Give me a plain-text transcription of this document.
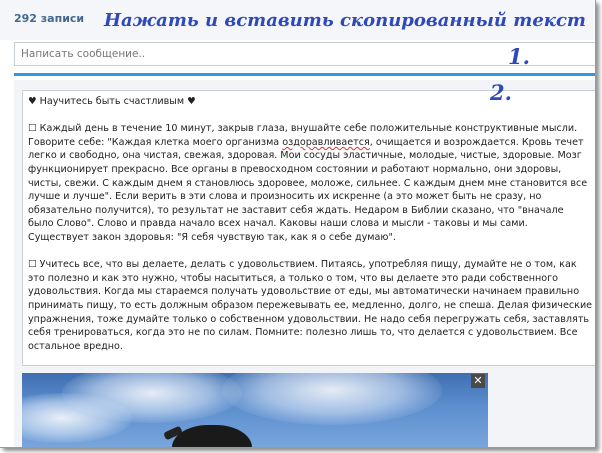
292 записи Нажать и вставить скопированный текст
Написать сообщение..	1.

♥ Научитесь быть счастливым ♥

☐ Каждый день в течение 10 минут, закрыв глаза, внушайте себе положительные конструктивные мысли.

Говорите себе: "Каждая клетка моего организма оздоравливается, очищается и возрождается. Кровь течет

легко и свободно, она чистая, свежая, здоровая. Мои сосуды эластичные, молодые, чистые, здоровые. Мозг

функционирует прекрасно. Все органы в превосходном состоянии и работают нормально, они здоровы,

чисты, свежи. С каждым днем я становлюсь здоровее, моложе, сильнее. С каждым днем мне становится все

лучше и лучше". Если верить в эти слова и произносить их искренне (а это может быть не сразу, но

обязательно получится), то результат не заставит себя ждать. Недаром в Библии сказано, что "вначале

было Слово". Слово и правда начало всех начал. Каковы наши слова и мысли - таковы и мы сами.

Существует закон здоровья: "Я себя чувствую так, как я о себе думаю".

☐ Учитесь все, что вы делаете, делать с удовольствием. Питаясь, употребляя пищу, думайте не о том, как

это полезно и как это нужно, чтобы насытиться, а только о том, что вы делаете это ради собственного

удовольствия. Когда мы стараемся получать удовольствие от еды, мы автоматически начинаем правильно

принимать пищу, то есть должным образом пережевывать ее, медленно, долго, не спеша. Делая физические

упражнения, тоже думайте только о собственном удовольствии. Не надо себя перегружать себя, заставлять

себя тренироваться, когда это не по силам. Помните: полезно лишь то, что делается с удовольствием. Все

остальное вредно.

2.
✕
